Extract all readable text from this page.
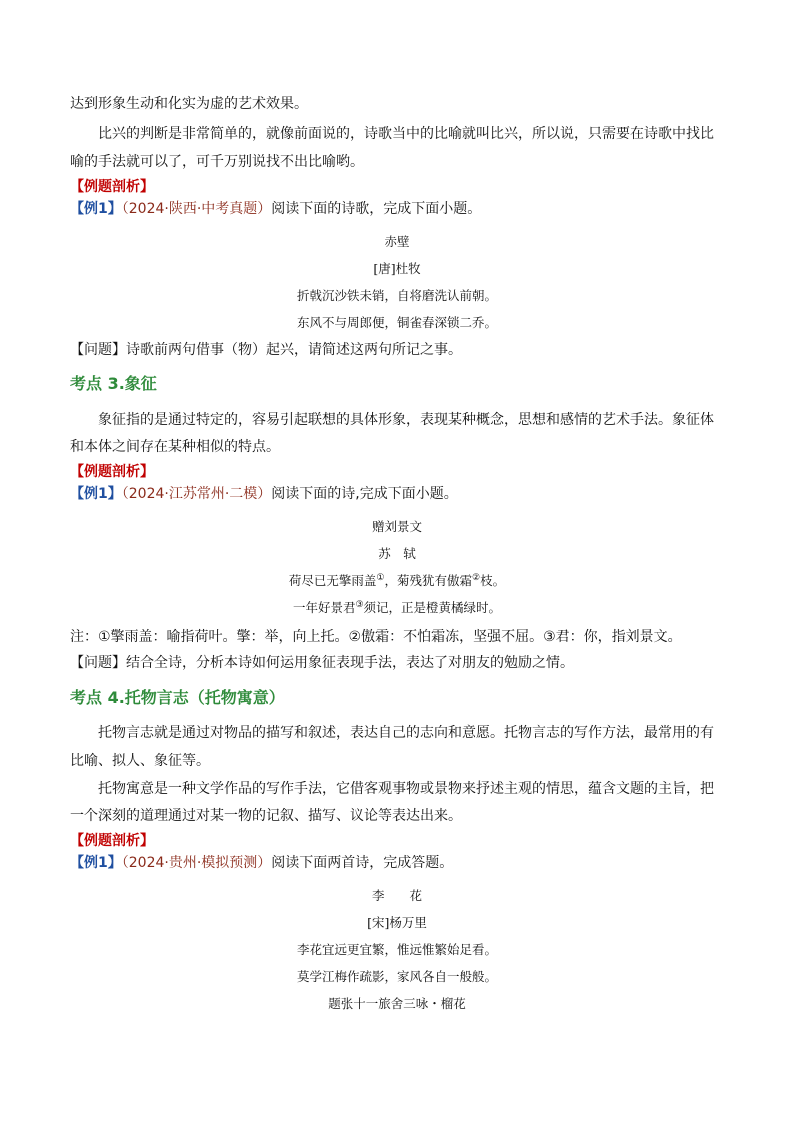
达到形象生动和化实为虚的艺术效果。
比兴的判断是非常简单的，就像前面说的，诗歌当中的比喻就叫比兴，所以说，只需要在诗歌中找比
喻的手法就可以了，可千万别说找不出比喻哟。
【例题剖析】
【例1】（2024·陕西·中考真题）阅读下面的诗歌，完成下面小题。
赤壁
[唐]杜牧
折戟沉沙铁未销，自将磨洗认前朝。
东风不与周郎便，铜雀春深锁二乔。
【问题】诗歌前两句借事（物）起兴，请简述这两句所记之事。
考点 3.象征
象征指的是通过特定的，容易引起联想的具体形象，表现某种概念，思想和感情的艺术手法。象征体
和本体之间存在某种相似的特点。
【例题剖析】
【例1】（2024·江苏常州·二模）阅读下面的诗,完成下面小题。
赠刘景文
苏　轼
荷尽已无擎雨盖①，菊残犹有傲霜②枝。
一年好景君③须记，正是橙黄橘绿时。
注：①擎雨盖：喻指荷叶。擎：举，向上托。②傲霜：不怕霜冻，坚强不屈。③君：你，指刘景文。
【问题】结合全诗，分析本诗如何运用象征表现手法，表达了对朋友的勉励之情。
考点 4.托物言志（托物寓意）
托物言志就是通过对物品的描写和叙述，表达自己的志向和意愿。托物言志的写作方法，最常用的有
比喻、拟人、象征等。
托物寓意是一种文学作品的写作手法，它借客观事物或景物来抒述主观的情思，蕴含文题的主旨，把
一个深刻的道理通过对某一物的记叙、描写、议论等表达出来。
【例题剖析】
【例1】（2024·贵州·模拟预测）阅读下面两首诗，完成答题。
李　　花
[宋]杨万里
李花宜远更宜繁，惟远惟繁始足看。
莫学江梅作疏影，家风各自一般般。
题张十一旅舍三咏・榴花
